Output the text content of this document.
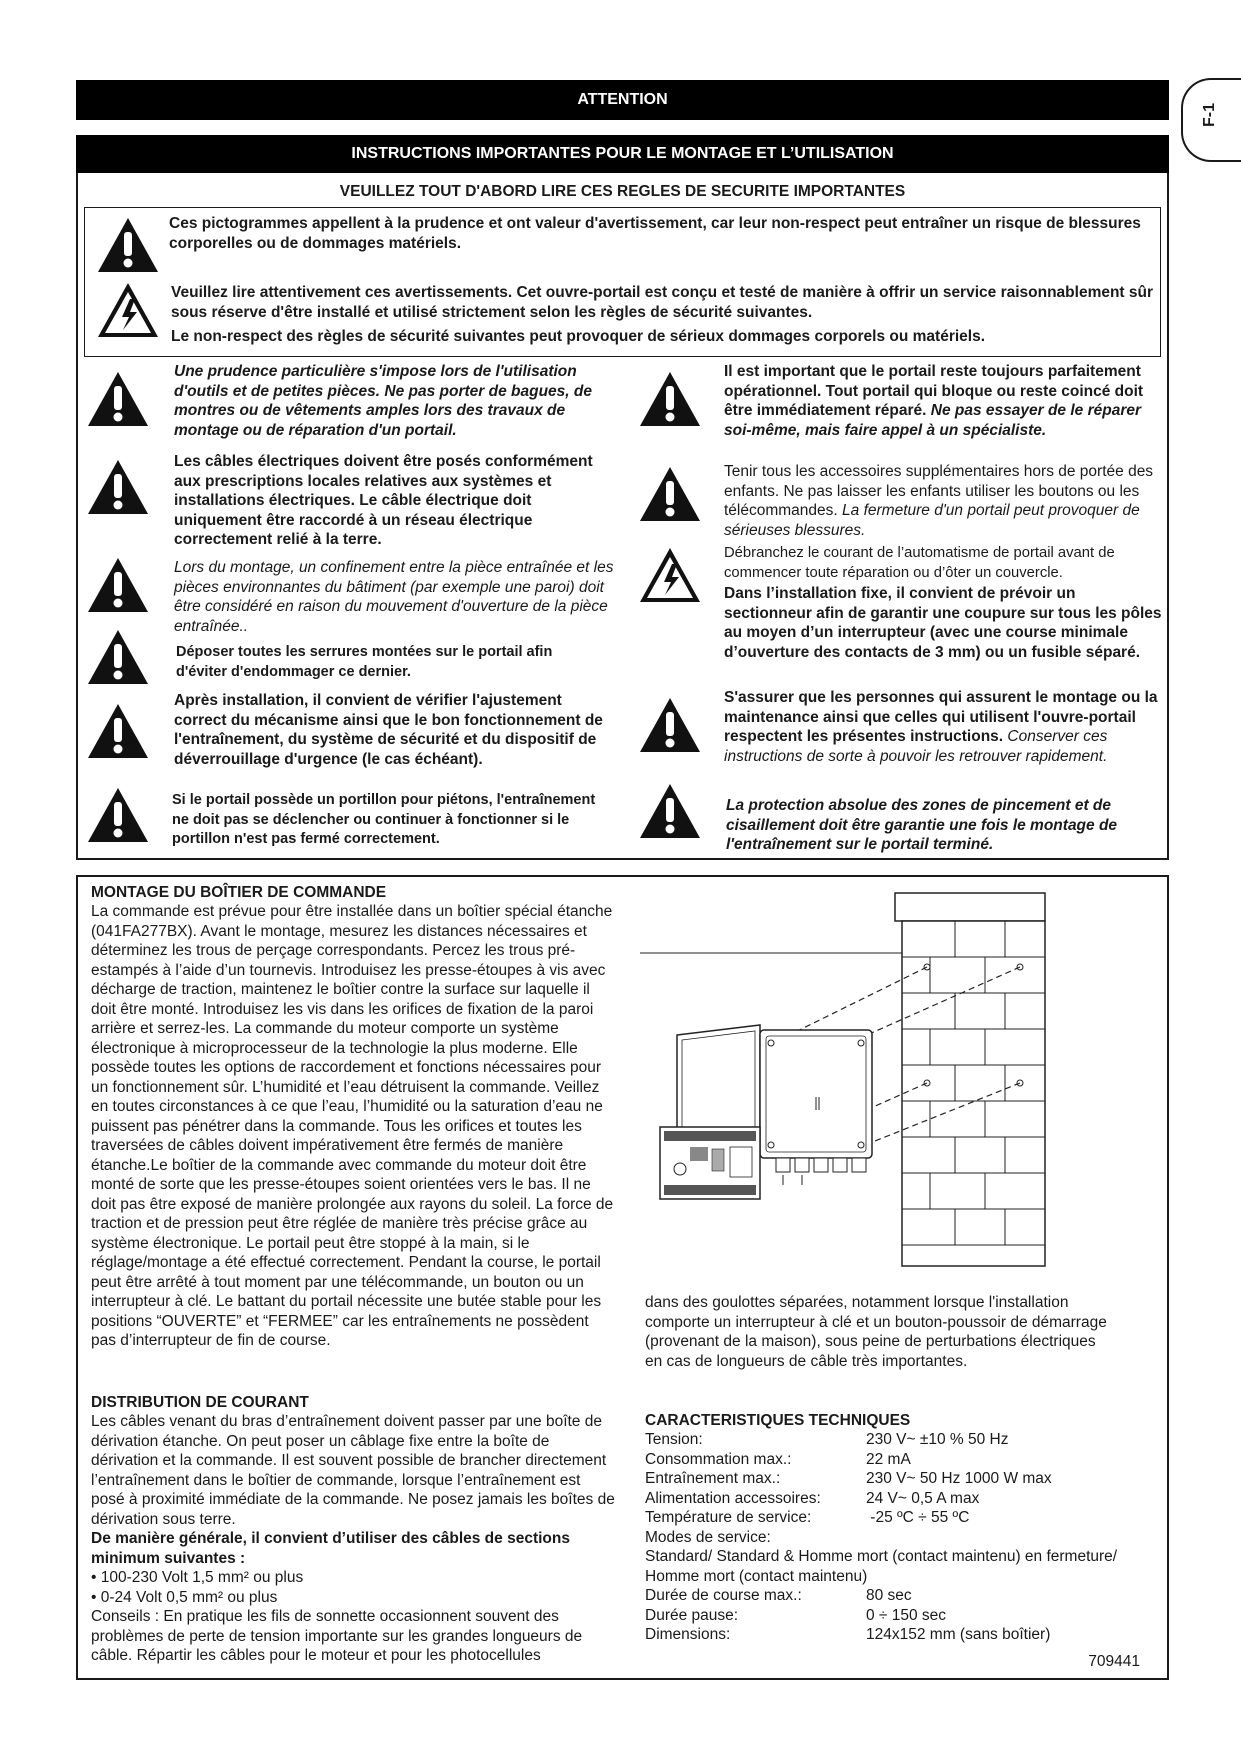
ATTENTION
INSTRUCTIONS IMPORTANTES POUR LE MONTAGE ET L’UTILISATION
F-1
VEUILLEZ TOUT D'ABORD LIRE CES REGLES DE SECURITE IMPORTANTES
Ces pictogrammes appellent à la prudence et ont valeur d'avertissement, car leur non-respect peut entraîner un risque de blessures corporelles ou de dommages matériels.
Veuillez lire attentivement ces avertissements. Cet ouvre-portail est conçu et testé de manière à offrir un service raisonnablement sûr sous réserve d'être installé et utilisé strictement selon les règles de sécurité suivantes.
Le non-respect des règles de sécurité suivantes peut provoquer de sérieux dommages corporels ou matériels.
Une prudence particulière s'impose lors de l'utilisation d'outils et de petites pièces. Ne pas porter de bagues, de montres ou de vêtements amples lors des travaux de montage ou de réparation d'un portail.
Les câbles électriques doivent être posés conformément aux prescriptions locales relatives aux systèmes et installations électriques. Le câble électrique doit uniquement être raccordé à un réseau électrique correctement relié à la terre.
Lors du montage, un confinement entre la pièce entraînée et les pièces environnantes du bâtiment (par exemple une paroi) doit être considéré en raison du mouvement d'ouverture de la pièce entraînée..
Déposer toutes les serrures montées sur le portail afin d'éviter d'endommager ce dernier.
Après installation, il convient de vérifier l'ajustement correct du mécanisme ainsi que le bon fonctionnement de l'entraînement, du système de sécurité et du dispositif de déverrouillage d'urgence (le cas échéant).
Si le portail possède un portillon pour piétons, l'entraînement ne doit pas se déclencher ou continuer à fonctionner si le portillon n'est pas fermé correctement.
Il est important que le portail reste toujours parfaitement opérationnel. Tout portail qui bloque ou reste coincé doit être immédiatement réparé. Ne pas essayer de le réparer soi-même, mais faire appel à un spécialiste.
Tenir tous les accessoires supplémentaires hors de portée des enfants. Ne pas laisser les enfants utiliser les boutons ou les télécommandes. La fermeture d'un portail peut provoquer de sérieuses blessures.
Débranchez le courant de l’automatisme de portail avant de commencer toute réparation ou d’ôter un couvercle.
Dans l’installation fixe, il convient de prévoir un sectionneur afin de garantir une coupure sur tous les pôles au moyen d’un interrupteur (avec une course minimale d’ouverture des contacts de 3 mm) ou un fusible séparé.
S'assurer que les personnes qui assurent le montage ou la maintenance ainsi que celles qui utilisent l'ouvre-portail respectent les présentes instructions. Conserver ces instructions de sorte à pouvoir les retrouver rapidement.
La protection absolue des zones de pincement et de cisaillement doit être garantie une fois le montage de l'entraînement sur le portail terminé.
MONTAGE DU BOÎTIER DE COMMANDE
La commande est prévue pour être installée dans un boîtier spécial étanche (041FA277BX). Avant le montage, mesurez les distances nécessaires et déterminez les trous de perçage correspondants. Percez les trous pré-estampés à l’aide d’un tournevis. Introduisez les presse-étoupes à vis avec décharge de traction, maintenez le boîtier contre la surface sur laquelle il doit être monté. Introduisez les vis dans les orifices de fixation de la paroi arrière et serrez-les. La commande du moteur comporte un système électronique à microprocesseur de la technologie la plus moderne. Elle possède toutes les options de raccordement et fonctions nécessaires pour un fonctionnement sûr. L’humidité et l’eau détruisent la commande. Veillez en toutes circonstances à ce que l’eau, l’humidité ou la saturation d’eau ne puissent pas pénétrer dans la commande. Tous les orifices et toutes les traversées de câbles doivent impérativement être fermés de manière étanche.Le boîtier de la commande avec commande du moteur doit être monté de sorte que les presse-étoupes soient orientées vers le bas. Il ne doit pas être exposé de manière prolongée aux rayons du soleil. La force de traction et de pression peut être réglée de manière très précise grâce au système électronique. Le portail peut être stoppé à la main, si le réglage/montage a été effectué correctement. Pendant la course, le portail peut être arrêté à tout moment par une télécommande, un bouton ou un interrupteur à clé. Le battant du portail nécessite une butée stable pour les positions “OUVERTE” et “FERMEE” car les entraînements ne possèdent pas d’interrupteur de fin de course.
DISTRIBUTION DE COURANT
Les câbles venant du bras d’entraînement doivent passer par une boîte de dérivation étanche. On peut poser un câblage fixe entre la boîte de dérivation et la commande. Il est souvent possible de brancher directement l’entraînement dans le boîtier de commande, lorsque l’entraînement est posé à proximité immédiate de la commande. Ne posez jamais les boîtes de dérivation sous terre.
De manière générale, il convient d’utiliser des câbles de sections minimum suivantes :
• 100-230 Volt 1,5 mm² ou plus
• 0-24 Volt 0,5 mm² ou plus
Conseils : En pratique les fils de sonnette occasionnent souvent des problèmes de perte de tension importante sur les grandes longueurs de câble. Répartir les câbles pour le moteur et pour les photocellules
dans des goulottes séparées, notamment lorsque l'installation comporte un interrupteur à clé et un bouton-poussoir de démarrage (provenant de la maison), sous peine de perturbations électriques en cas de longueurs de câble très importantes.
CARACTERISTIQUES TECHNIQUES
Tension:	230 V~ ±10 % 50 Hz
Consommation max.:	22 mA
Entraînement max.:	230 V~ 50 Hz 1000 W max
Alimentation accessoires:	24 V~ 0,5 A max
Température de service:	-25 ºC ÷ 55 ºC
Modes de service:
Standard/ Standard & Homme mort (contact maintenu) en fermeture/ Homme mort (contact maintenu)
Durée de course max.:	80 sec
Durée pause:	0 ÷ 150 sec
Dimensions:	124x152 mm (sans boîtier)
709441
